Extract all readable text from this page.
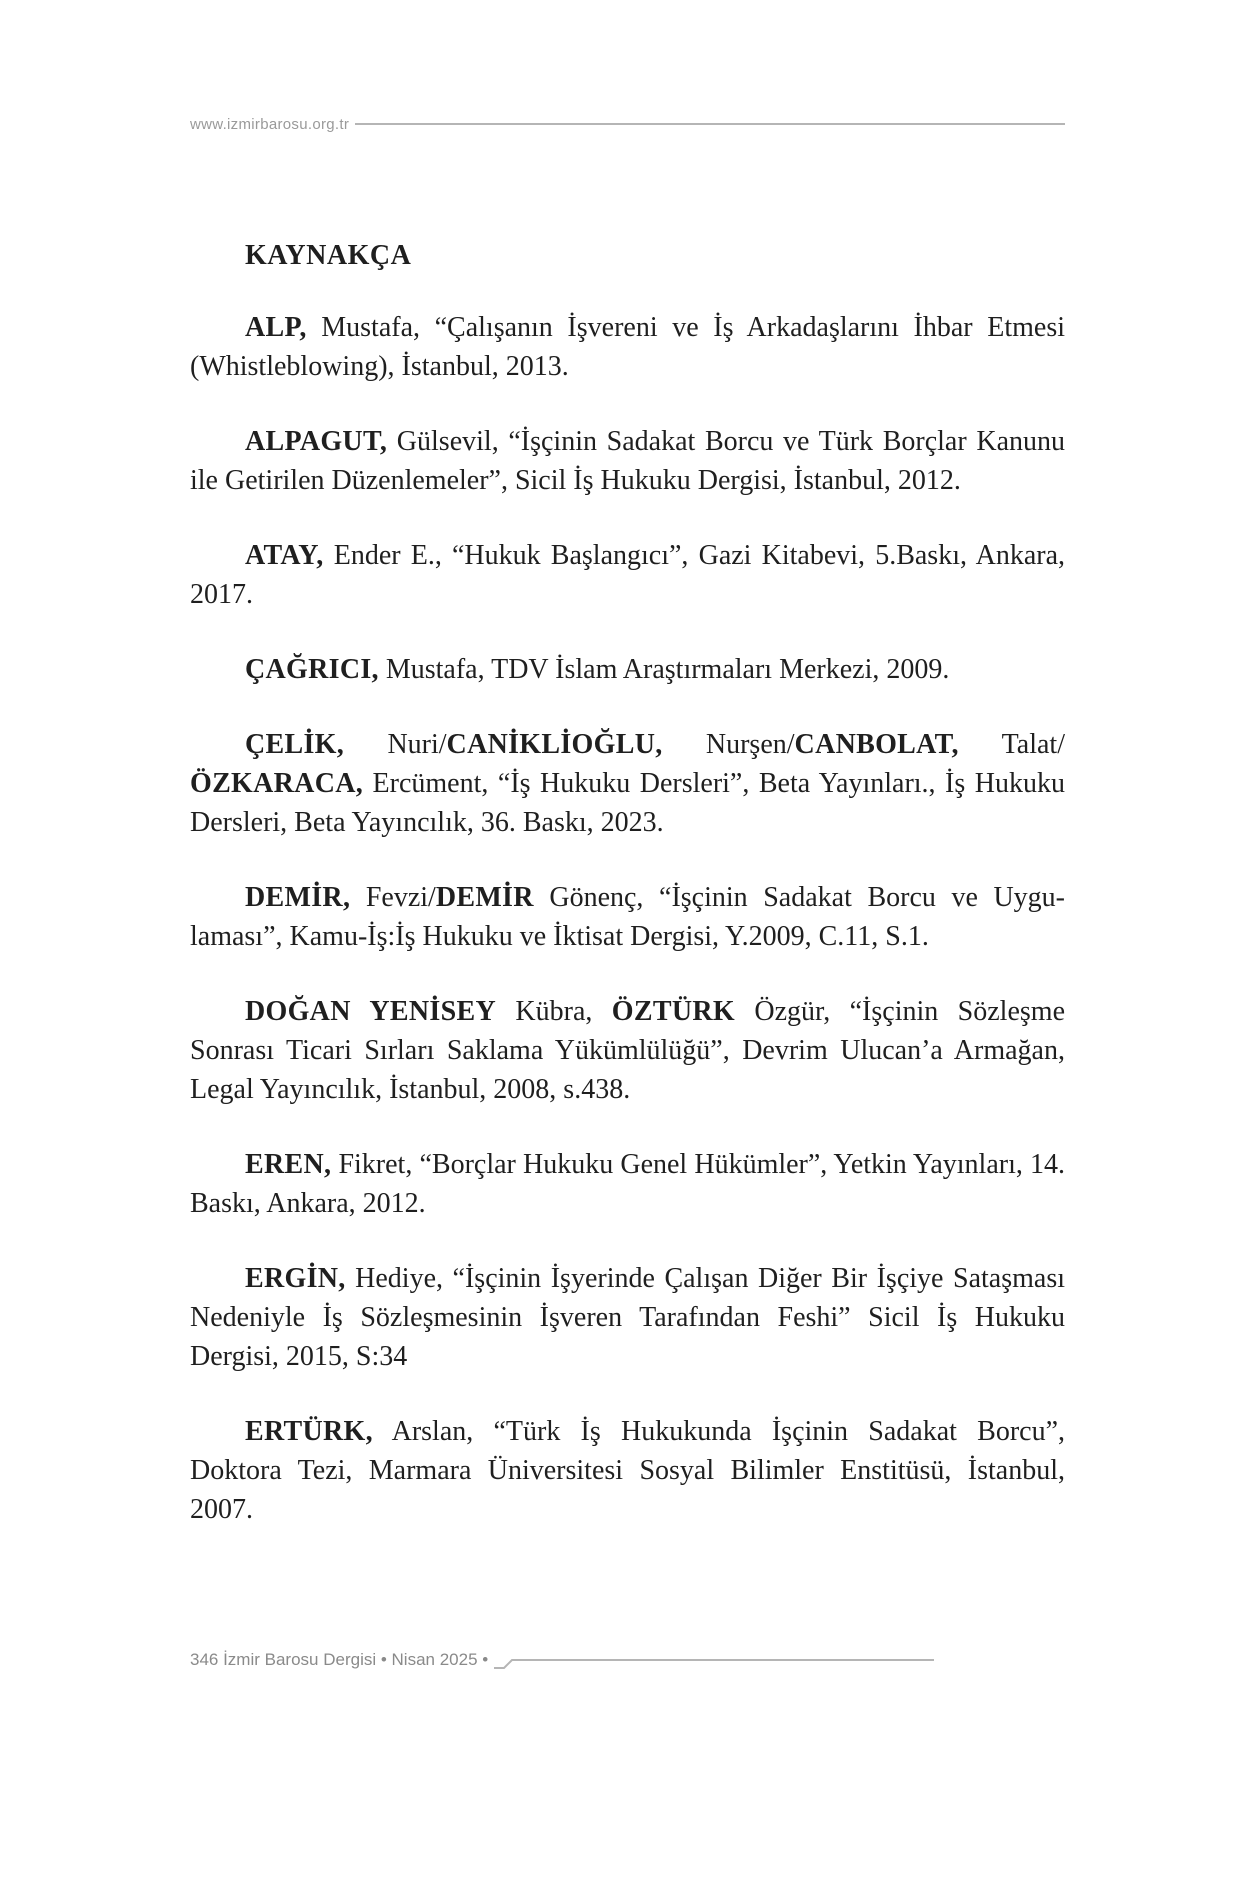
www.izmirbarosu.org.tr
KAYNAKÇA

ALP, Mustafa, “Çalışanın İşvereni ve İş Arkadaşlarını İhbar Etmesi (Whistleblowing), İstanbul, 2013.

ALPAGUT, Gülsevil, “İşçinin Sadakat Borcu ve Türk Borçlar Kanunu ile Getirilen Düzenlemeler”, Sicil İş Hukuku Dergisi, İstanbul, 2012.

ATAY, Ender E., “Hukuk Başlangıcı”, Gazi Kitabevi, 5.Baskı, Ankara, 2017.

ÇAĞRICI, Mustafa, TDV İslam Araştırmaları Merkezi, 2009.

ÇELİK, Nuri/CANİKLİOĞLU, Nurşen/CANBOLAT, Talat/ ÖZKARACA, Ercüment, “İş Hukuku Dersleri”, Beta Yayınları., İş Hukuku Dersleri, Beta Yayıncılık, 36. Baskı, 2023.

DEMİR, Fevzi/DEMİR Gönenç, “İşçinin Sadakat Borcu ve Uygulaması”, Kamu-İş:İş Hukuku ve İktisat Dergisi, Y.2009, C.11, S.1.

DOĞAN YENİSEY Kübra, ÖZTÜRK Özgür, “İşçinin Sözleşme Sonrası Ticari Sırları Saklama Yükümlülüğü”, Devrim Ulucan’a Armağan, Legal Yayıncılık, İstanbul, 2008, s.438.

EREN, Fikret, “Borçlar Hukuku Genel Hükümler”, Yetkin Yayınları, 14. Baskı, Ankara, 2012.

ERGİN, Hediye, “İşçinin İşyerinde Çalışan Diğer Bir İşçiye Sataşması Nedeniyle İş Sözleşmesinin İşveren Tarafından Feshi” Sicil İş Hukuku Dergisi, 2015, S:34

ERTÜRK, Arslan, “Türk İş Hukukunda İşçinin Sadakat Borcu”, Doktora Tezi, Marmara Üniversitesi Sosyal Bilimler Enstitüsü, İstanbul, 2007.

346 İzmir Barosu Dergisi • Nisan 2025 •
